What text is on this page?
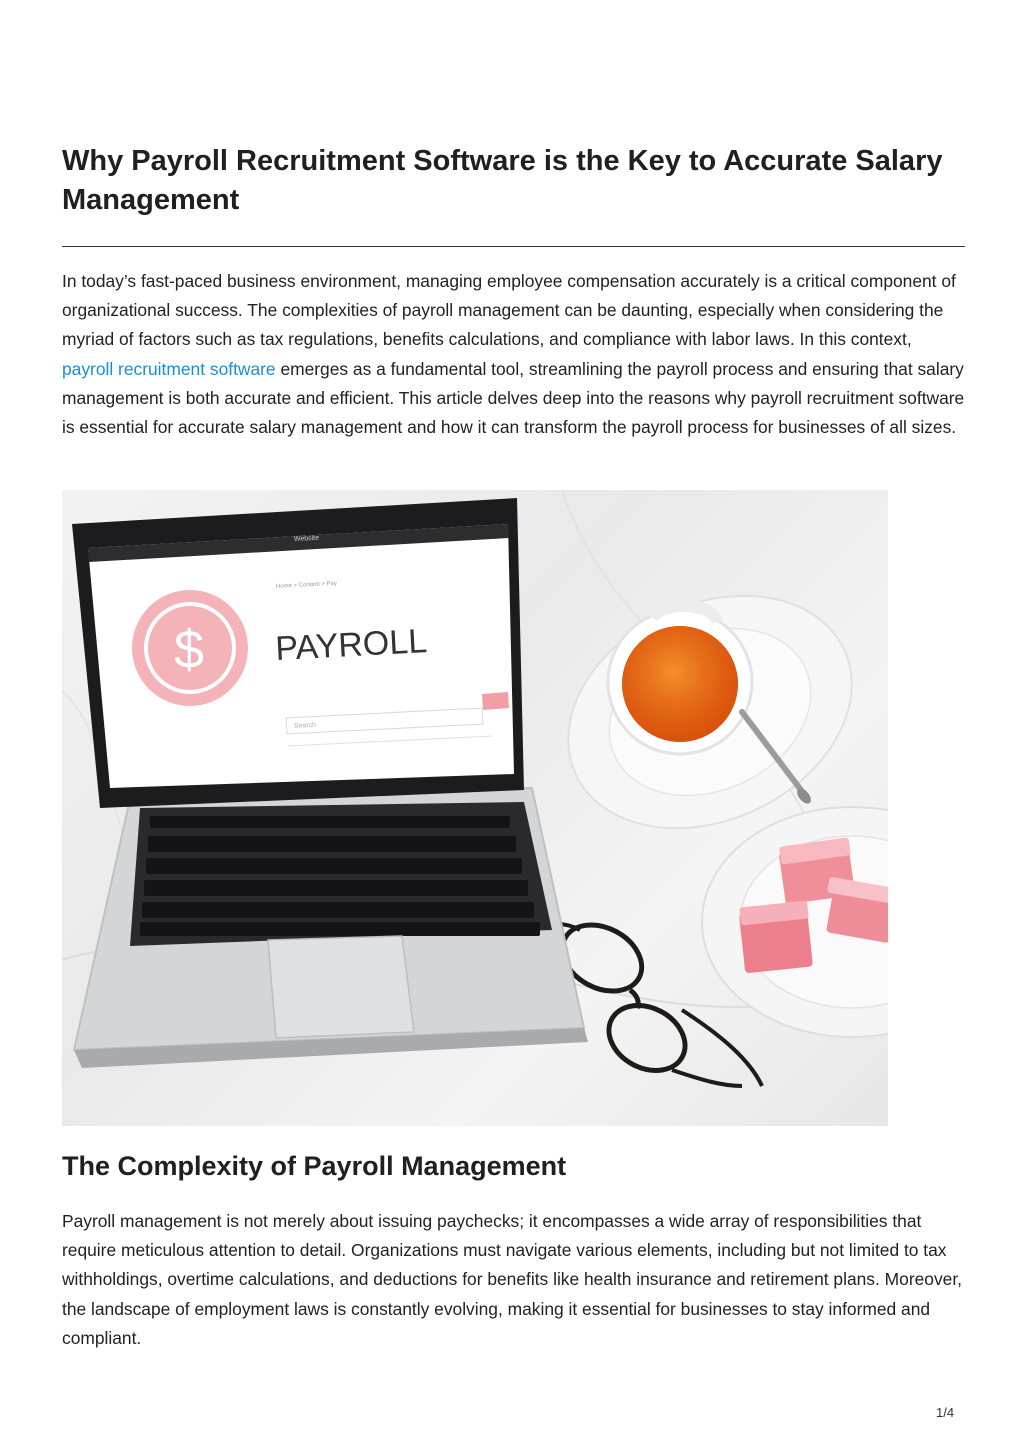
Why Payroll Recruitment Software is the Key to Accurate Salary Management

In today’s fast-paced business environment, managing employee compensation accurately is a critical component of organizational success. The complexities of payroll management can be daunting, especially when considering the myriad of factors such as tax regulations, benefits calculations, and compliance with labor laws. In this context, payroll recruitment software emerges as a fundamental tool, streamlining the payroll process and ensuring that salary management is both accurate and efficient. This article delves deep into the reasons why payroll recruitment software is essential for accurate salary management and how it can transform the payroll process for businesses of all sizes.

Website
Home > Content > Pay
$ PAYROLL
Search
The Complexity of Payroll Management

Payroll management is not merely about issuing paychecks; it encompasses a wide array of responsibilities that require meticulous attention to detail. Organizations must navigate various elements, including but not limited to tax withholdings, overtime calculations, and deductions for benefits like health insurance and retirement plans. Moreover, the landscape of employment laws is constantly evolving, making it essential for businesses to stay informed and compliant.

1/4
